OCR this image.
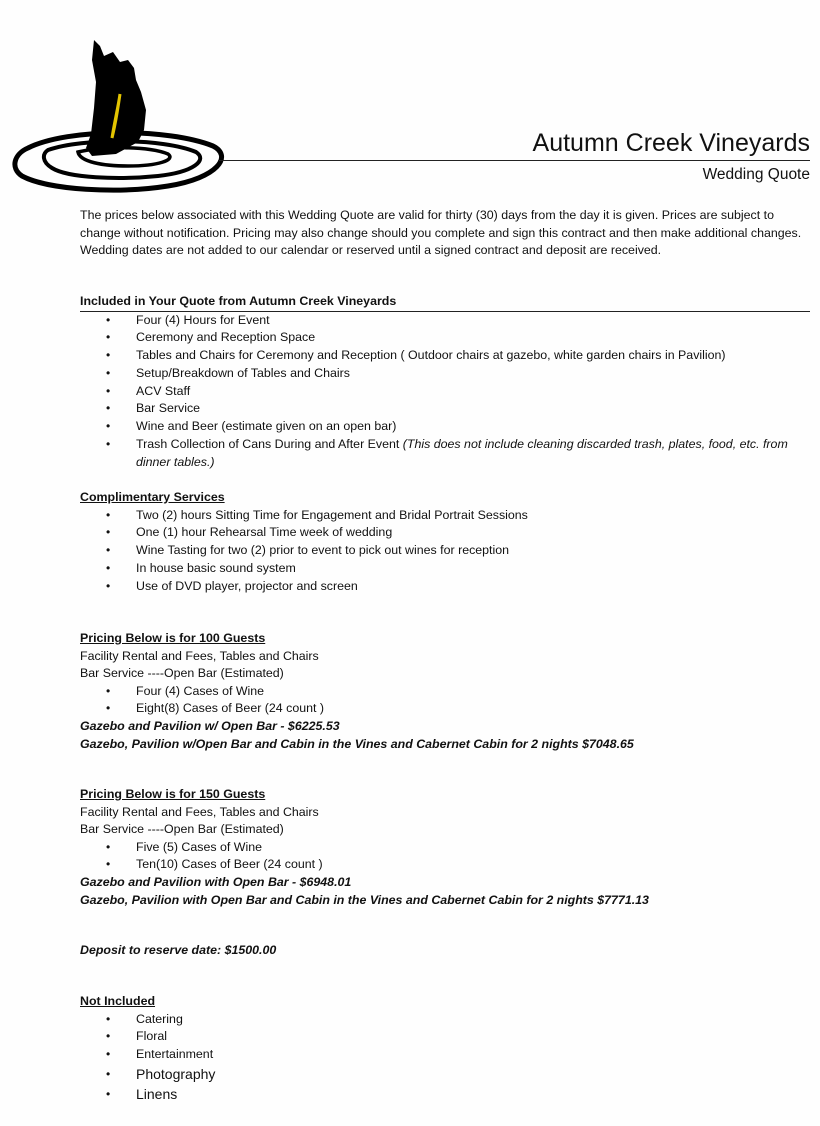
Autumn Creek Vineyards
Wedding Quote
The prices below associated with this Wedding Quote are valid for thirty (30) days from the day it is given. Prices are subject to change without notification. Pricing may also change should you complete and sign this contract and then make additional changes. Wedding dates are not added to our calendar or reserved until a signed contract and deposit are received.
Included in Your Quote from Autumn Creek Vineyards
• Four (4) Hours for Event
• Ceremony and Reception Space
• Tables and Chairs for Ceremony and Reception ( Outdoor chairs at gazebo, white garden chairs in Pavilion)
• Setup/Breakdown of Tables and Chairs
• ACV Staff
• Bar Service
• Wine and Beer (estimate given on an open bar)
• Trash Collection of Cans During and After Event (This does not include cleaning discarded trash, plates, food, etc. from dinner tables.)
Complimentary Services
• Two (2) hours Sitting Time for Engagement and Bridal Portrait Sessions
• One (1) hour Rehearsal Time week of wedding
• Wine Tasting for two (2) prior to event to pick out wines for reception
• In house basic sound system
• Use of DVD player, projector and screen
Pricing Below is for 100 Guests
Facility Rental and Fees, Tables and Chairs
Bar Service ----Open Bar (Estimated)
• Four (4) Cases of Wine
• Eight(8) Cases of Beer (24 count )
Gazebo and Pavilion w/ Open Bar - $6225.53
Gazebo, Pavilion w/Open Bar and Cabin in the Vines and Cabernet Cabin for 2 nights $7048.65
Pricing Below is for 150 Guests
Facility Rental and Fees, Tables and Chairs
Bar Service ----Open Bar (Estimated)
• Five (5) Cases of Wine
• Ten(10) Cases of Beer (24 count )
Gazebo and Pavilion with Open Bar - $6948.01
Gazebo, Pavilion with Open Bar and Cabin in the Vines and Cabernet Cabin for 2 nights $7771.13
Deposit to reserve date: $1500.00
Not Included
• Catering
• Floral
• Entertainment
• Photography
• Linens
